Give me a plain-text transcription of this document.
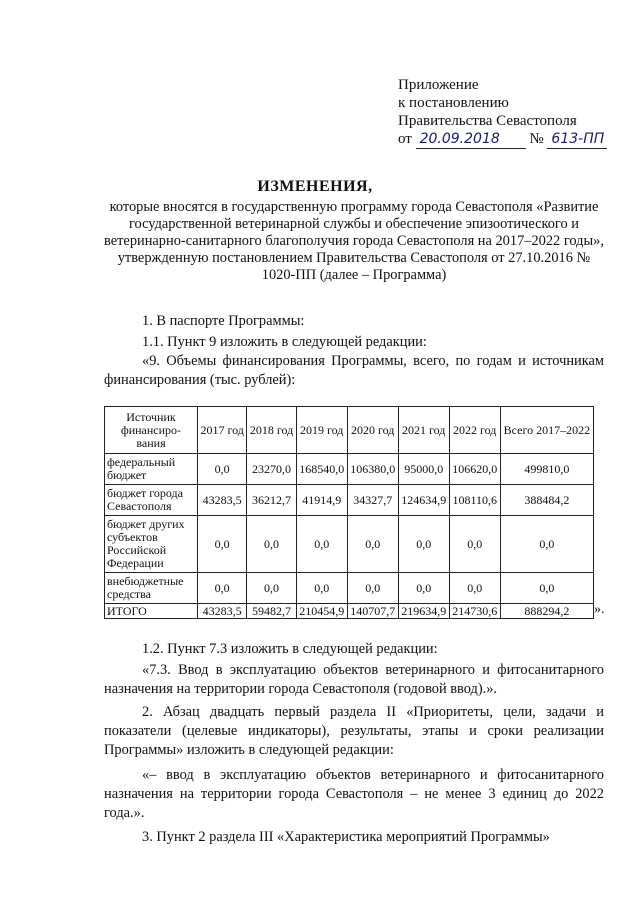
Приложение
к постановлению
Правительства Севастополя
от 20.09.2018 № 613-ПП
ИЗМЕНЕНИЯ,
которые вносятся в государственную программу города Севастополя «Развитие государственной ветеринарной службы и обеспечение эпизоотического и ветеринарно-санитарного благополучия города Севастополя на 2017–2022 годы», утвержденную постановлением Правительства Севастополя от 27.10.2016 № 1020-ПП (далее – Программа)
1. В паспорте Программы:
1.1. Пункт 9 изложить в следующей редакции:
«9. Объемы финансирования Программы, всего, по годам и источникам финансирования (тыс. рублей):
Источник финансиро-вания	2017 год	2018 год	2019 год	2020 год	2021 год	2022 год	Всего 2017–2022
федеральный бюджет	0,0	23270,0	168540,0	106380,0	95000,0	106620,0	499810,0
бюджет города Севастополя	43283,5	36212,7	41914,9	34327,7	124634,9	108110,6	388484,2
бюджет других субъектов Российской Федерации	0,0	0,0	0,0	0,0	0,0	0,0	0,0
внебюджетные средства	0,0	0,0	0,0	0,0	0,0	0,0	0,0
ИТОГО	43283,5	59482,7	210454,9	140707,7	219634,9	214730,6	888294,2 ».
1.2. Пункт 7.3 изложить в следующей редакции:
«7.3. Ввод в эксплуатацию объектов ветеринарного и фитосанитарного назначения на территории города Севастополя (годовой ввод).».
2. Абзац двадцать первый раздела II «Приоритеты, цели, задачи и показатели (целевые индикаторы), результаты, этапы и сроки реализации Программы» изложить в следующей редакции:
«– ввод в эксплуатацию объектов ветеринарного и фитосанитарного назначения на территории города Севастополя – не менее 3 единиц до 2022 года.».
3. Пункт 2 раздела III «Характеристика мероприятий Программы»
